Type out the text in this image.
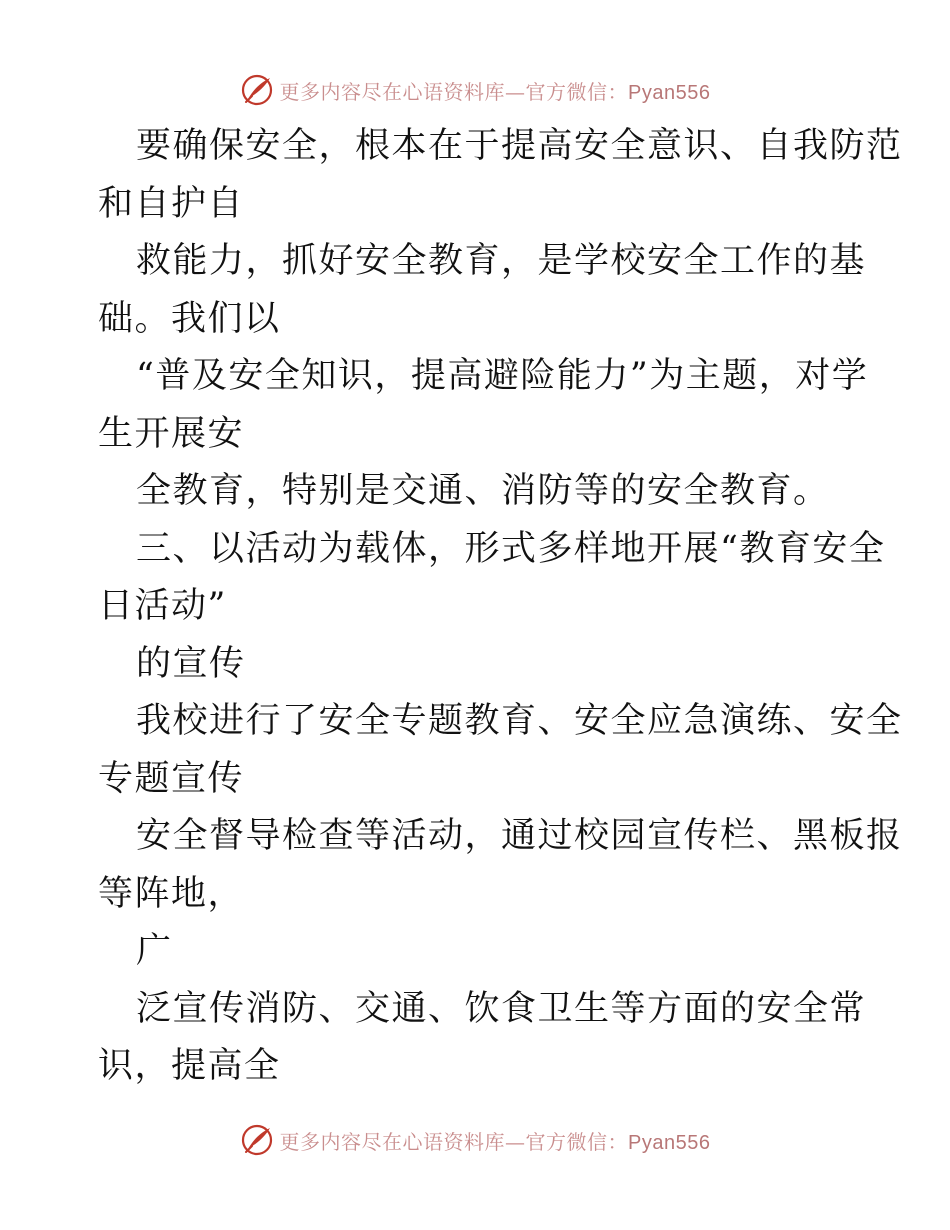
更多内容尽在心语资料库—官方微信：Pyan556
要确保安全，根本在于提高安全意识、自我防范
和自护自
救能力，抓好安全教育，是学校安全工作的基
础。我们以
“普及安全知识，提高避险能力”为主题，对学
生开展安
全教育，特别是交通、消防等的安全教育。
三、以活动为载体，形式多样地开展“教育安全
日活动”
的宣传
我校进行了安全专题教育、安全应急演练、安全
专题宣传
安全督导检查等活动，通过校园宣传栏、黑板报
等阵地，
广
泛宣传消防、交通、饮食卫生等方面的安全常
识，提高全
更多内容尽在心语资料库—官方微信：Pyan556
